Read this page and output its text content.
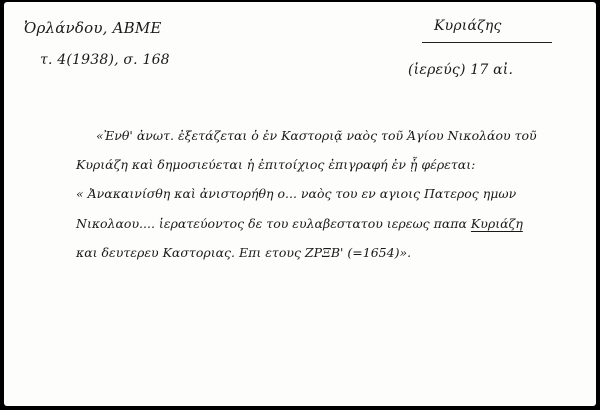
Ὀρλάνδου, ΑΒΜΕ
τ. 4(1938), σ. 168
Κυριάζης
(ἱερεύς) 17 αἰ.
«Ἐνθ' ἀνωτ. ἐξετάζεται ὁ ἐν Καστοριᾷ ναὸς τοῦ Ἁγίου Νικολάου τοῦ
Κυριάζη καὶ δημοσιεύεται ἡ ἐπιτοίχιος ἐπιγραφή ἐν ᾗ φέρεται:
« Ἀνακαινίσθη καὶ ἀνιστορήθη ο... ναὸς του εν αγιοις Πατερος ημων
Νικολαου.... ἱερατεύοντος δε του ευλαβεστατου ιερεως παπα Κυριάζη
και δευτερευ Καστοριας. Επι ετους ΖΡΞΒ' (=1654)».
